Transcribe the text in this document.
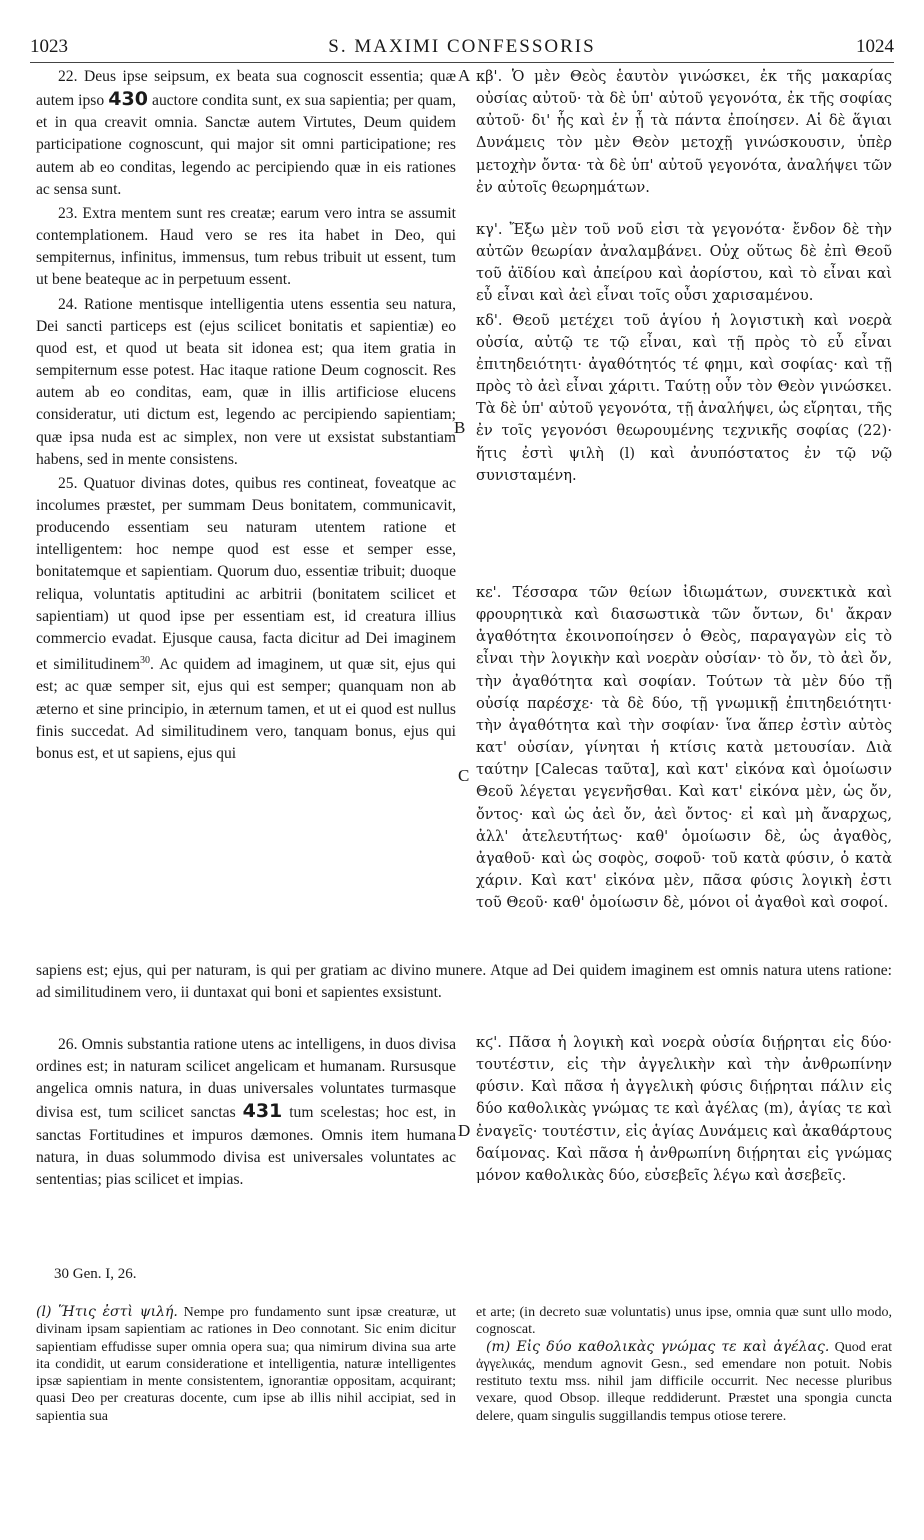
1023	S. MAXIMI CONFESSORIS	1024
A
B
C
D

22. Deus ipse seipsum, ex beata sua cognoscit essentia; quæ autem ipso 430 auctore condita sunt, ex sua sapientia; per quam, et in qua creavit omnia. Sanctæ autem Virtutes, Deum quidem participatione cognoscunt, qui major sit omni participatione; res autem ab eo conditas, legendo ac percipiendo quæ in eis rationes ac sensa sunt.

23. Extra mentem sunt res creatæ; earum vero intra se assumit contemplationem. Haud vero se res ita habet in Deo, qui sempiternus, infinitus, immensus, tum rebus tribuit ut essent, tum ut bene beateque ac in perpetuum essent.

24. Ratione mentisque intelligentia utens essentia seu natura, Dei sancti particeps est (ejus scilicet bonitatis et sapientiæ) eo quod est, et quod ut beata sit idonea est; qua item gratia in sempiternum esse potest. Hac itaque ratione Deum cognoscit. Res autem ab eo conditas, eam, quæ in illis artificiose elucens consideratur, uti dictum est, legendo ac percipiendo sapientiam; quæ ipsa nuda est ac simplex, non vere ut exsistat substantiam habens, sed in mente consistens.

25. Quatuor divinas dotes, quibus res contineat, foveatque ac incolumes præstet, per summam Deus bonitatem, communicavit, producendo essentiam seu naturam utentem ratione et intelligentem: hoc nempe quod est esse et semper esse, bonitatemque et sapientiam. Quorum duo, essentiæ tribuit; duoque reliqua, voluntatis aptitudini ac arbitrii (bonitatem scilicet et sapientiam) ut quod ipse per essentiam est, id creatura illius commercio evadat. Ejusque causa, facta dicitur ad Dei imaginem et similitudinem$^{30}$. Ac quidem ad imaginem, ut quæ sit, ejus qui est; ac quæ semper sit, ejus qui est semper; quanquam non ab æterno et sine principio, in æternum tamen, et ut ei quod est nullus finis succedat. Ad similitudinem vero, tanquam bonus, ejus qui bonus est, et ut sapiens, ejus qui

sapiens est; ejus, qui per naturam, is qui per gratiam ac divino munere. Atque ad Dei quidem imaginem est omnis natura utens ratione: ad similitudinem vero, ii duntaxat qui boni et sapientes exsistunt.

26. Omnis substantia ratione utens ac intelligens, in duos divisa ordines est; in naturam scilicet angelicam et humanam. Rursusque angelica omnis natura, in duas universales voluntates turmasque divisa est, tum scilicet sanctas 431 tum scelestas; hoc est, in sanctas Fortitudines et impuros dæmones. Omnis item humana natura, in duas solummodo divisa est universales voluntates ac sententias; pias scilicet et impias.

κβ'. Ὁ μὲν Θεὸς ἑαυτὸν γινώσκει, ἐκ τῆς μακαρίας οὐσίας αὐτοῦ· τὰ δὲ ὑπ' αὐτοῦ γεγονότα, ἐκ τῆς σοφίας αὐτοῦ· δι' ἧς καὶ ἐν ᾗ τὰ πάντα ἐποίησεν. Αἱ δὲ ἅγιαι Δυνάμεις τὸν μὲν Θεὸν μετοχῇ γινώσκουσιν, ὑπὲρ μετοχὴν ὄντα· τὰ δὲ ὑπ' αὐτοῦ γεγονότα, ἀναλήψει τῶν ἐν αὐτοῖς θεωρημάτων.

κγ'. Ἔξω μὲν τοῦ νοῦ εἰσι τὰ γεγονότα· ἔνδον δὲ τὴν αὐτῶν θεωρίαν ἀναλαμβάνει. Οὐχ οὕτως δὲ ἐπὶ Θεοῦ τοῦ ἀϊδίου καὶ ἀπείρου καὶ ἀορίστου, καὶ τὸ εἶναι καὶ εὖ εἶναι καὶ ἀεὶ εἶναι τοῖς οὖσι χαρισαμένου.

κδ'. Θεοῦ μετέχει τοῦ ἁγίου ἡ λογιστικὴ καὶ νοερὰ οὐσία, αὐτῷ τε τῷ εἶναι, καὶ τῇ πρὸς τὸ εὖ εἶναι ἐπιτηδειότητι· ἀγαθότητός τέ φημι, καὶ σοφίας· καὶ τῇ πρὸς τὸ ἀεὶ εἶναι χάριτι. Ταύτῃ οὖν τὸν Θεὸν γινώσκει. Τὰ δὲ ὑπ' αὐτοῦ γεγονότα, τῇ ἀναλήψει, ὡς εἴρηται, τῆς ἐν τοῖς γεγονόσι θεωρουμένης τεχνικῆς σοφίας (22)· ἥτις ἐστὶ ψιλὴ (l) καὶ ἀνυπόστατος ἐν τῷ νῷ συνισταμένη.

κε'. Τέσσαρα τῶν θείων ἰδιωμάτων, συνεκτικὰ καὶ φρουρητικὰ καὶ διασωστικὰ τῶν ὄντων, δι' ἄκραν ἀγαθότητα ἐκοινοποίησεν ὁ Θεὸς, παραγαγὼν εἰς τὸ εἶναι τὴν λογικὴν καὶ νοερὰν οὐσίαν· τὸ ὄν, τὸ ἀεὶ ὄν, τὴν ἀγαθότητα καὶ σοφίαν. Τούτων τὰ μὲν δύο τῇ οὐσίᾳ παρέσχε· τὰ δὲ δύο, τῇ γνωμικῇ ἐπιτηδειότητι· τὴν ἀγαθότητα καὶ τὴν σοφίαν· ἵνα ἅπερ ἐστὶν αὐτὸς κατ' οὐσίαν, γίνηται ἡ κτίσις κατὰ μετουσίαν. Διὰ ταύτην [Calecas ταῦτα], καὶ κατ' εἰκόνα καὶ ὁμοίωσιν Θεοῦ λέγεται γεγενῆσθαι. Καὶ κατ' εἰκόνα μὲν, ὡς ὄν, ὄντος· καὶ ὡς ἀεὶ ὄν, ἀεὶ ὄντος· εἰ καὶ μὴ ἄναρχως, ἀλλ' ἀτελευτήτως· καθ' ὁμοίωσιν δὲ, ὡς ἀγαθὸς, ἀγαθοῦ· καὶ ὡς σοφὸς, σοφοῦ· τοῦ κατὰ φύσιν, ὁ κατὰ χάριν. Καὶ κατ' εἰκόνα μὲν, πᾶσα φύσις λογικὴ ἐστι τοῦ Θεοῦ· καθ' ὁμοίωσιν δὲ, μόνοι οἱ ἀγαθοὶ καὶ σοφοί.

κϛ'. Πᾶσα ἡ λογικὴ καὶ νοερὰ οὐσία διῄρηται εἰς δύο· τουτέστιν, εἰς τὴν ἀγγελικὴν καὶ τὴν ἀνθρωπίνην φύσιν. Καὶ πᾶσα ἡ ἀγγελικὴ φύσις διῄρηται πάλιν εἰς δύο καθολικὰς γνώμας τε καὶ ἀγέλας (m), ἁγίας τε καὶ ἐναγεῖς· τουτέστιν, εἰς ἁγίας Δυνάμεις καὶ ἀκαθάρτους δαίμονας. Καὶ πᾶσα ἡ ἀνθρωπίνη διῄρηται εἰς γνώμας μόνον καθολικὰς δύο, εὐσεβεῖς λέγω καὶ ἀσεβεῖς.

30 Gen. I, 26.

(l) Ἥτις ἐστὶ ψιλή. Nempe pro fundamento sunt ipsæ creaturæ, ut divinam ipsam sapientiam ac rationes in Deo connotant. Sic enim dicitur sapientiam effudisse super omnia opera sua; qua nimirum divina sua arte ita condidit, ut earum consideratione et intelligentia, naturæ intelligentes ipsæ sapientiam in mente consistentem, ignorantiæ oppositam, acquirant; quasi Deo per creaturas docente, cum ipse ab illis nihil accipiat, sed in sapientia sua

et arte; (in decreto suæ voluntatis) unus ipse, omnia quæ sunt ullo modo, cognoscat.

(m) Εἰς δύο καθολικὰς γνώμας τε καὶ ἀγέλας. Quod erat ἀγγελικάς, mendum agnovit Gesn., sed emendare non potuit. Nobis restituto textu mss. nihil jam difficile occurrit. Nec necesse pluribus vexare, quod Obsop. illeque reddiderunt. Præstet una spongia cuncta delere, quam singulis suggillandis tempus otiose terere.
